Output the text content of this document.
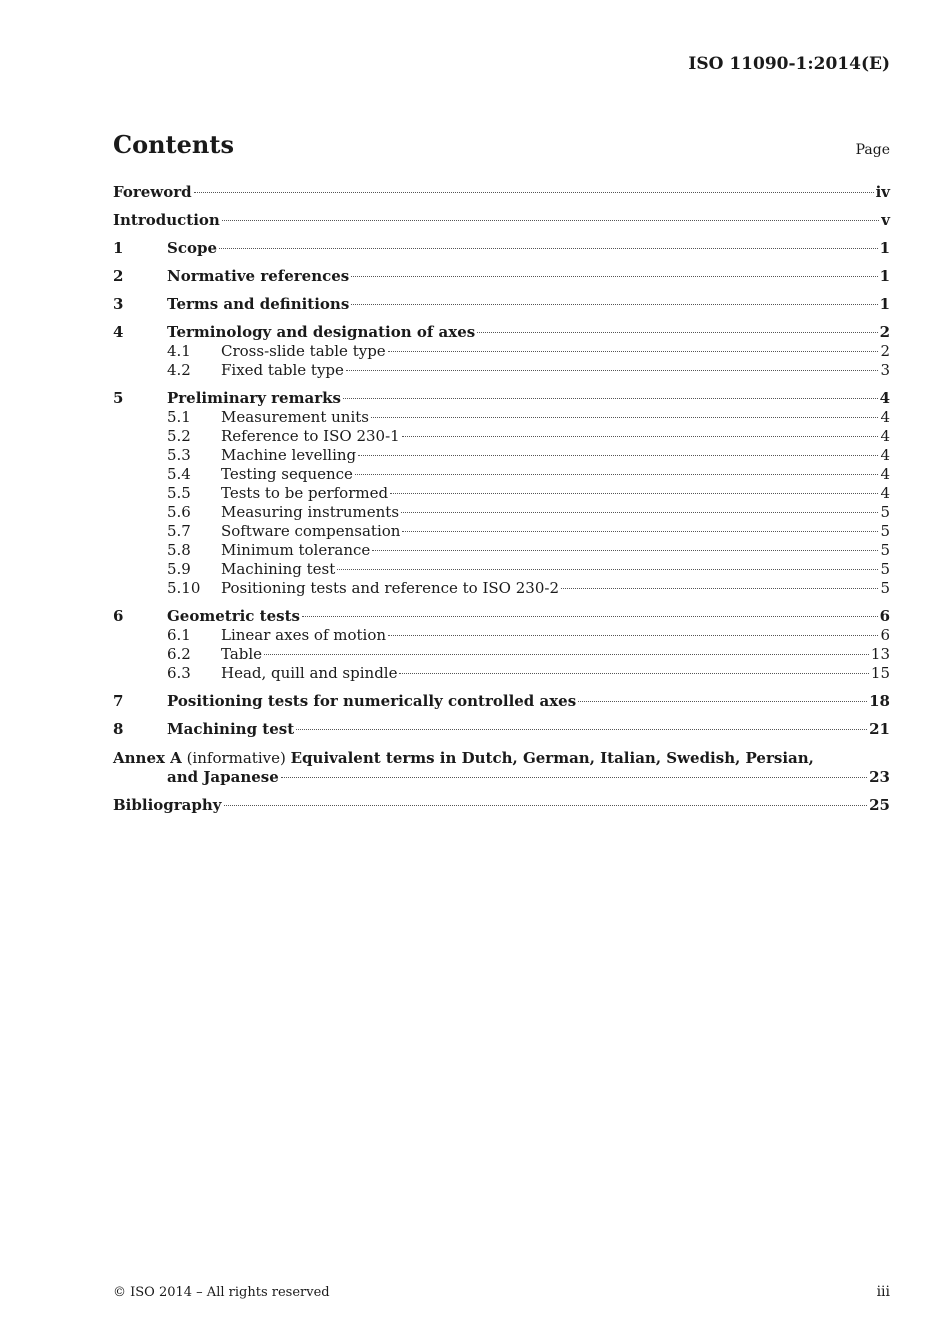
ISO 11090-1:2014(E)
Contents	Page
Foreword	iv
Introduction	v
1	Scope	1
2	Normative references	1
3	Terms and definitions	1
4	Terminology and designation of axes	2
4.1	Cross-slide table type	2
4.2	Fixed table type	3
5	Preliminary remarks	4
5.1	Measurement units	4
5.2	Reference to ISO 230-1	4
5.3	Machine levelling	4
5.4	Testing sequence	4
5.5	Tests to be performed	4
5.6	Measuring instruments	5
5.7	Software compensation	5
5.8	Minimum tolerance	5
5.9	Machining test	5
5.10	Positioning tests and reference to ISO 230-2	5
6	Geometric tests	6
6.1	Linear axes of motion	6
6.2	Table	13
6.3	Head, quill and spindle	15
7	Positioning tests for numerically controlled axes	18
8	Machining test	21
Annex A (informative) Equivalent terms in Dutch, German, Italian, Swedish, Persian,
and Japanese	23
Bibliography	25
© ISO 2014 – All rights reserved	iii
